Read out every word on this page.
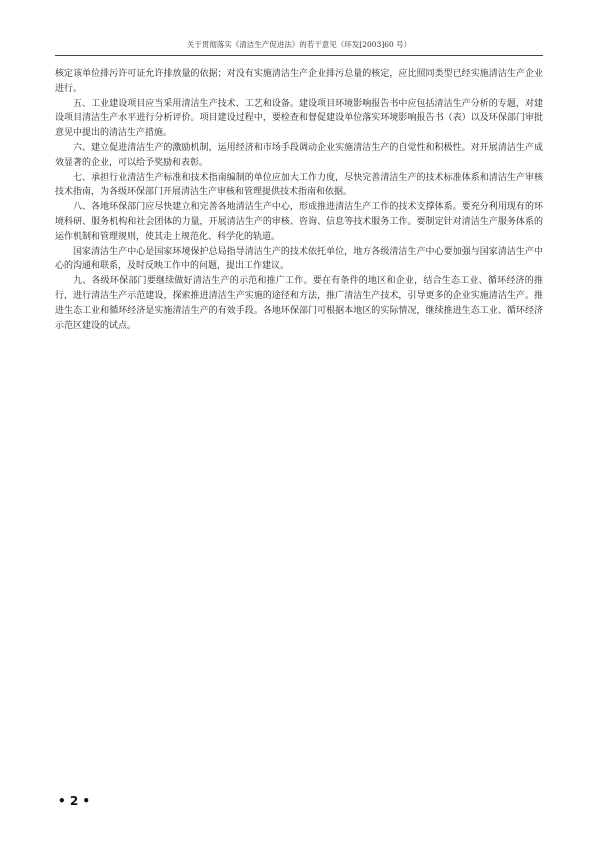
关于贯彻落实《清洁生产促进法》的若干意见（环发[2003]60 号）

核定该单位排污许可证允许排放量的依据；对没有实施清洁生产企业排污总量的核定，应比照同类型已经实施清洁生产企业进行。

五、工业建设项目应当采用清洁生产技术、工艺和设备。建设项目环境影响报告书中应包括清洁生产分析的专题，对建设项目清洁生产水平进行分析评价。项目建设过程中，要检查和督促建设单位落实环境影响报告书（表）以及环保部门审批意见中提出的清洁生产措施。

六、建立促进清洁生产的激励机制，运用经济和市场手段调动企业实施清洁生产的自觉性和积极性。对开展清洁生产成效显著的企业，可以给予奖励和表彰。

七、承担行业清洁生产标准和技术指南编制的单位应加大工作力度，尽快完善清洁生产的技术标准体系和清洁生产审核技术指南，为各级环保部门开展清洁生产审核和管理提供技术指南和依据。

八、各地环保部门应尽快建立和完善各地清洁生产中心，形成推进清洁生产工作的技术支撑体系。要充分利用现有的环境科研、服务机构和社会团体的力量，开展清洁生产的审核、咨询、信息等技术服务工作。要制定针对清洁生产服务体系的运作机制和管理规则，使其走上规范化、科学化的轨道。

国家清洁生产中心是国家环境保护总局指导清洁生产的技术依托单位，地方各级清洁生产中心要加强与国家清洁生产中心的沟通和联系，及时反映工作中的问题，提出工作建议。

九、各级环保部门要继续做好清洁生产的示范和推广工作。要在有条件的地区和企业，结合生态工业、循环经济的推行，进行清洁生产示范建设，探索推进清洁生产实施的途径和方法，推广清洁生产技术，引导更多的企业实施清洁生产。推进生态工业和循环经济是实施清洁生产的有效手段。各地环保部门可根据本地区的实际情况，继续推进生态工业、循环经济示范区建设的试点。

• 2 •
